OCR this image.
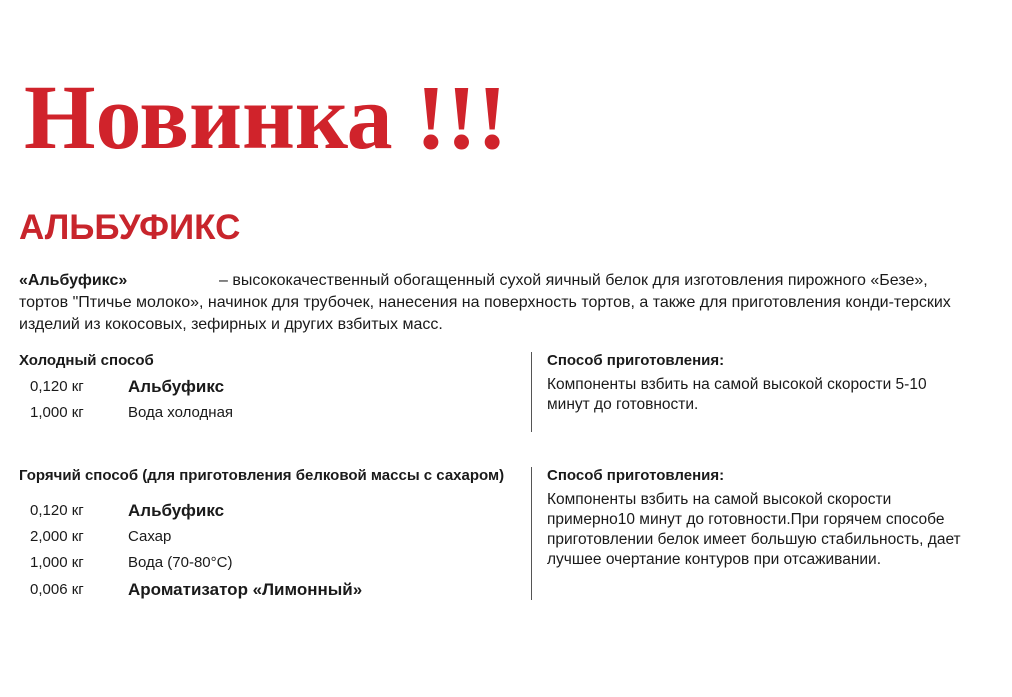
Новинка !!!
АЛЬБУФИКС

«Альбуфикс»	– высококачественный обогащенный сухой яичный белок для изготовления пирожного «Безе», тортов "Птичье молоко», начинок для трубочек, нанесения на поверхность тортов, а также для приготовления конди-терских изделий из кокосовых, зефирных и других взбитых масс.

Холодный способ
0,120 кг	Альбуфикс
1,000 кг	Вода холодная
Способ приготовления:
Компоненты взбить на самой высокой скорости 5-10 минут до готовности.
Горячий способ (для приготовления белковой массы с сахаром)
0,120 кг	Альбуфикс
2,000 кг	Сахар
1,000 кг	Вода (70-80°С)
0,006 кг	Ароматизатор «Лимонный»
Способ приготовления:
Компоненты взбить на самой высокой скорости примерно10 минут до готовности.При горячем способе приготовлении белок имеет большую стабильность, дает лучшее очертание контуров при отсаживании.
